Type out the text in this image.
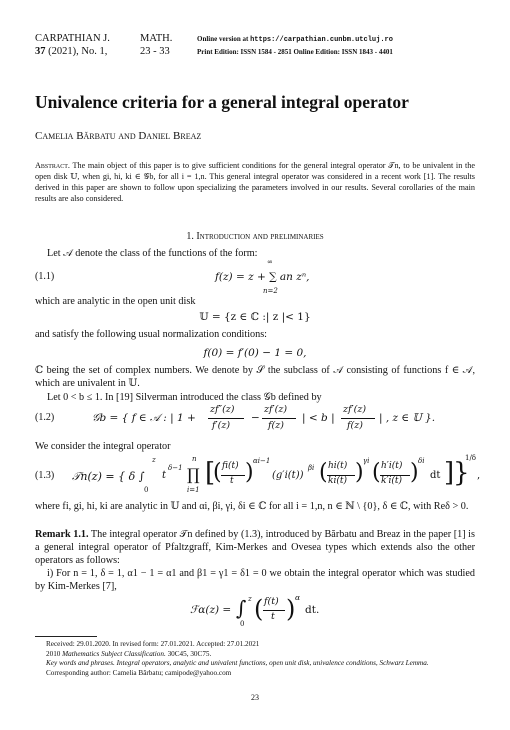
CARPATHIAN J.
37 (2021), No. 1,
MATH.
23 - 33
Online version at https://carpathian.cunbm.utcluj.ro
Print Edition: ISSN 1584 - 2851 Online Edition: ISSN 1843 - 4401
Univalence criteria for a general integral operator
Camelia Bărbatu and Daniel Breaz
Abstract. The main object of this paper is to give sufficient conditions for the general integral operator 𝒯n, to be univalent in the open disk 𝕌, when gi, hi, ki ∈ 𝒢b, for all i = 1,n. This general integral operator was considered in a recent work [1]. The results derived in this paper are shown to follow upon specializing the parameters involved in our results. Several corollaries of the main results are also considered.
1. Introduction and preliminaries
Let 𝒜 denote the class of the functions of the form:
(1.1)	f(z) = z + ∑ an zⁿ,
∞
n=2
which are analytic in the open unit disk
𝕌 = {z ∈ ℂ :| z |< 1}
and satisfy the following usual normalization conditions:
f(0) = f′(0) − 1 = 0,
ℂ being the set of complex numbers. We denote by 𝒮 the subclass of 𝒜 consisting of functions f ∈ 𝒜, which are univalent in 𝕌.
Let 0 < b ≤ 1. In [19] Silverman introduced the class 𝒢b defined by
(1.2)	𝒢b = { f ∈ 𝒜 : | 1 +
zf″(z)
f′(z)
−
zf′(z)
f(z)
| < b |
zf′(z)
f(z)
| , z ∈ 𝕌 }.
We consider the integral operator
(1.3) 𝒯n(z) = { δ ∫
z
0
t
δ−1 ∏
n
i=1
[
( fi(t)
t ) αi−1
(g′i(t))
βi ( hi(t)
ki(t) ) γi ( h′i(t)
k′i(t) ) δi
dt ]
}
1/δ
,
where fi, gi, hi, ki are analytic in 𝕌 and αi, βi, γi, δi ∈ ℂ for all i = 1,n, n ∈ ℕ \ {0}, δ ∈ ℂ, with Reδ > 0.
Remark 1.1. The integral operator 𝒯n defined by (1.3), introduced by Bărbatu and Breaz in the paper [1] is a general integral operator of Pfaltzgraff, Kim-Merkes and Ovesea types which extends also the other operators as follows:
i) For n = 1, δ = 1, α1 − 1 = α1 and β1 = γ1 = δ1 = 0 we obtain the integral operator which was studied by Kim-Merkes [7],
ℱα(z) = ∫ z
0
( f(t)
t ) α
dt.
Received: 29.01.2020. In revised form: 27.01.2021. Accepted: 27.01.2021
2010 Mathematics Subject Classification. 30C45, 30C75.
Key words and phrases. Integral operators, analytic and univalent functions, open unit disk, univalence conditions, Schwarz Lemma.
Corresponding author: Camelia Bărbatu; camipode@yahoo.com
23
